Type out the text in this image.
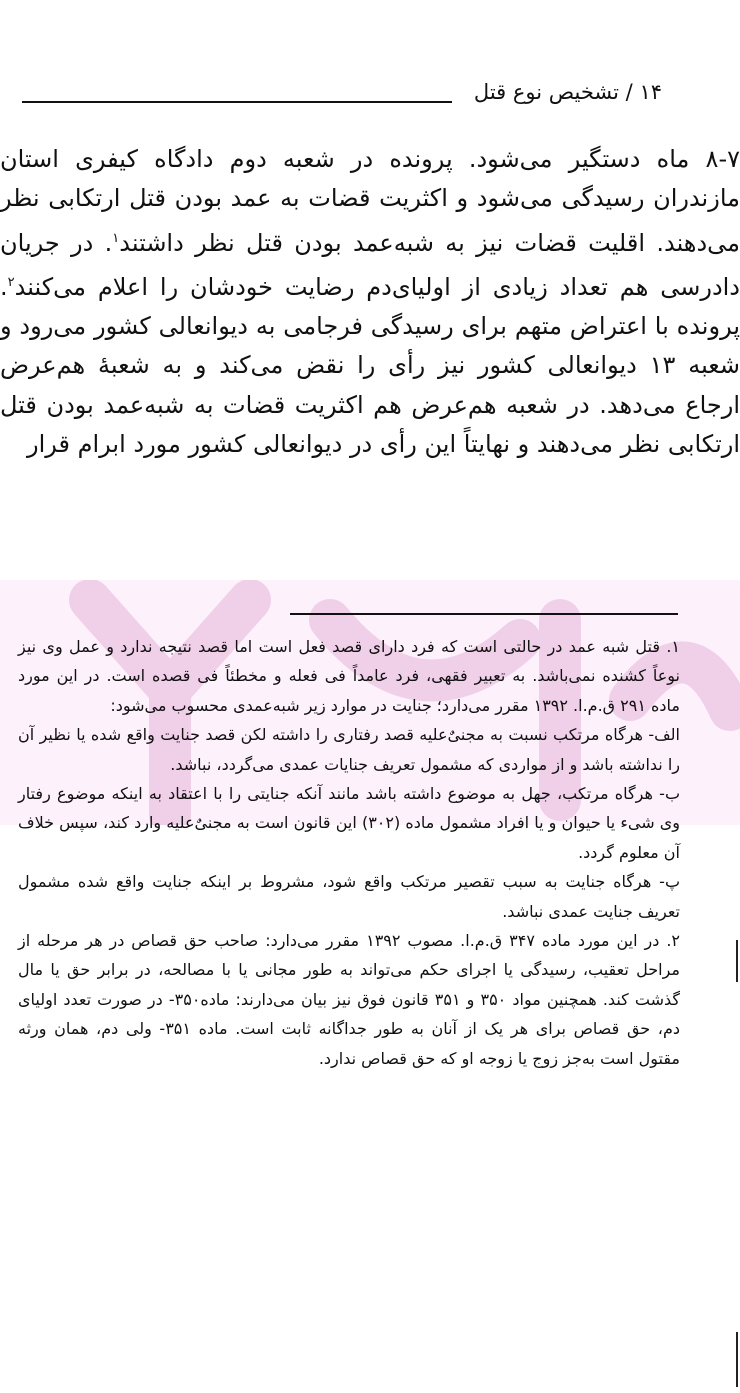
۱۴ / تشخیص نوع قتل

۸-۷ ماه دستگیر می‌شود. پرونده در شعبه دوم دادگاه کیفری استان مازندران رسیدگی می‌شود و اکثریت قضات به عمد بودن قتل ارتکابی نظر می‌دهند. اقلیت قضات نیز به شبه‌عمد بودن قتل نظر داشتند$^۱$. در جریان دادرسی هم تعداد زیادی از اولیای‌دم رضایت خودشان را اعلام می‌کنند$^۲$. پرونده با اعتراض متهم برای رسیدگی فرجامی به دیوانعالی کشور می‌رود و شعبه ۱۳ دیوانعالی کشور نیز رأی را نقض می‌کند و به شعبهٔ هم‌عرض ارجاع می‌دهد. در شعبه هم‌عرض هم اکثریت قضات به شبه‌عمد بودن قتل ارتکابی نظر می‌دهند و نهایتاً این رأی در دیوانعالی کشور مورد ابرام قرار

۱. قتل شبه عمد در حالتی است که فرد دارای قصد فعل است اما قصد نتیجه ندارد و عمل وی نیز نوعاً کشنده نمی‌باشد. به تعبیر فقهی، فرد عامداً فی فعله و مخطئاً فی قصده است. در این مورد ماده ۲۹۱ ق.م.ا. ۱۳۹۲ مقرر می‌دارد؛ جنایت در موارد زیر شبه‌عمدی محسوب می‌شود:

الف- هرگاه مرتکب نسبت به مجنیٌ‌علیه قصد رفتاری را داشته لکن قصد جنایت واقع شده یا نظیر آن را نداشته باشد و از مواردی که مشمول تعریف جنایات عمدی می‌گردد، نباشد.

ب- هرگاه مرتکب، جهل به موضوع داشته باشد مانند آنکه جنایتی را با اعتقاد به اینکه موضوع رفتار وی شیء یا حیوان و یا افراد مشمول ماده (۳۰۲) این قانون است به مجنیٌ‌علیه وارد کند، سپس خلاف آن معلوم گردد.

پ- هرگاه جنایت به سبب تقصیر مرتکب واقع شود، مشروط بر اینکه جنایت واقع شده مشمول تعریف جنایت عمدی نباشد.

۲. در این مورد ماده ۳۴۷ ق.م.ا. مصوب ۱۳۹۲ مقرر می‌دارد: صاحب حق قصاص در هر مرحله از مراحل تعقیب، رسیدگی یا اجرای حکم می‌تواند به طور مجانی یا با مصالحه، در برابر حق یا مال گذشت کند. همچنین مواد ۳۵۰ و ۳۵۱ قانون فوق نیز بیان می‌دارند: ماده۳۵۰- در صورت تعدد اولیای دم، حق قصاص برای هر یک از آنان به طور جداگانه ثابت است. ماده ۳۵۱- ولی دم، همان ورثه مقتول است به‌جز زوج یا زوجه او که حق قصاص ندارد.
